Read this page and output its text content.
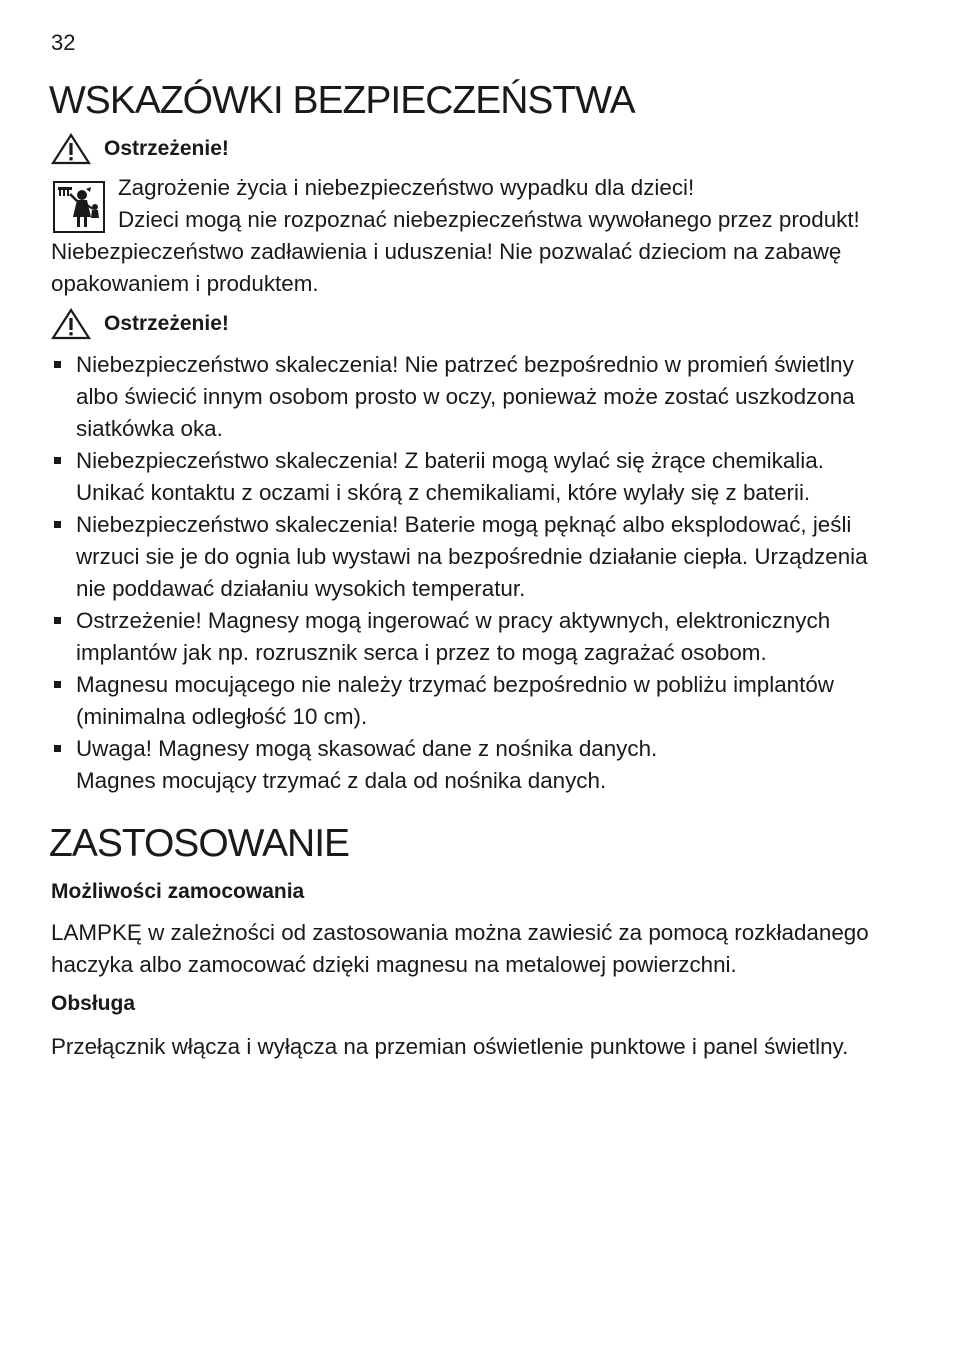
32
WSKAZÓWKI BEZPIECZEŃSTWA
Ostrzeżenie!
Zagrożenie życia i niebezpieczeństwo wypadku dla dzieci!
Dzieci mogą nie rozpoznać niebezpieczeństwa wywołanego przez produkt!
Niebezpieczeństwo zadławienia i uduszenia! Nie pozwalać dzieciom na zabawę
opakowaniem i produktem.
Ostrzeżenie!
Niebezpieczeństwo skaleczenia! Nie patrzeć bezpośrednio w promień świetlny
albo świecić innym osobom prosto w oczy, ponieważ może zostać uszkodzona
siatkówka oka.
Niebezpieczeństwo skaleczenia! Z baterii mogą wylać się żrące chemikalia.
Unikać kontaktu z oczami i skórą z chemikaliami, które wylały się z baterii.
Niebezpieczeństwo skaleczenia! Baterie mogą pęknąć albo eksplodować, jeśli
wrzuci sie je do ognia lub wystawi na bezpośrednie działanie ciepła. Urządzenia
nie poddawać działaniu wysokich temperatur.
Ostrzeżenie! Magnesy mogą ingerować w pracy aktywnych, elektronicznych
implantów jak np. rozrusznik serca i przez to mogą zagrażać osobom.
Magnesu mocującego nie należy trzymać bezpośrednio w pobliżu implantów
(minimalna odległość 10 cm).
Uwaga! Magnesy mogą skasować dane z nośnika danych.
Magnes mocujący trzymać z dala od nośnika danych.
ZASTOSOWANIE
Możliwości zamocowania
LAMPKĘ w zależności od zastosowania można zawiesić za pomocą rozkładanego
haczyka albo zamocować dzięki magnesu na metalowej powierzchni.
Obsługa
Przełącznik włącza i wyłącza na przemian oświetlenie punktowe i panel świetlny.
